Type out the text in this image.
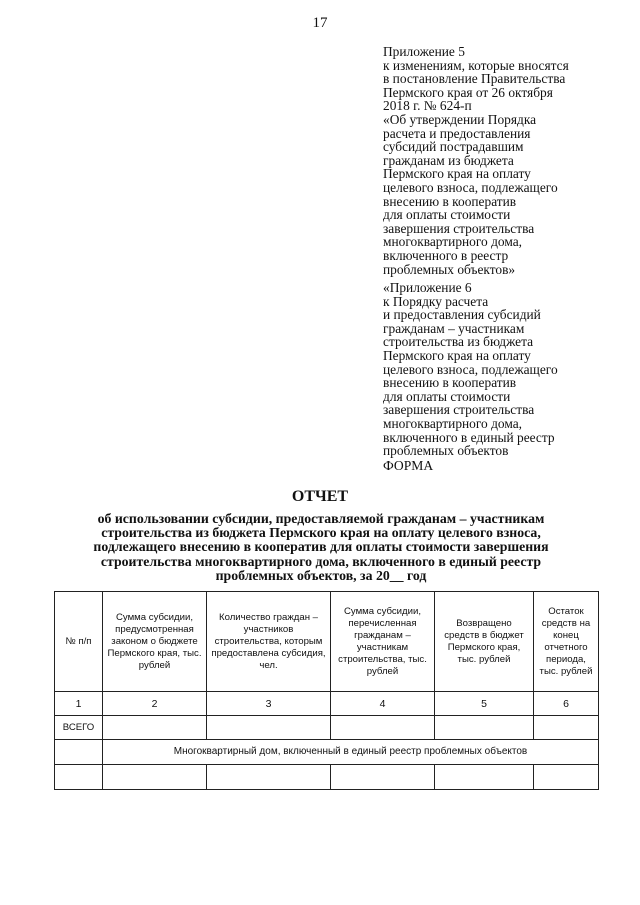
17
Приложение 5
к изменениям, которые вносятся
в постановление Правительства
Пермского края от 26 октября
2018 г. № 624-п
«Об утверждении Порядка
расчета и предоставления
субсидий пострадавшим
гражданам из бюджета
Пермского края на оплату
целевого взноса, подлежащего
внесению в кооператив
для оплаты стоимости
завершения строительства
многоквартирного дома,
включенного в реестр
проблемных объектов»
«Приложение 6
к Порядку расчета
и предоставления субсидий
гражданам – участникам
строительства из бюджета
Пермского края на оплату
целевого взноса, подлежащего
внесению в кооператив
для оплаты стоимости
завершения строительства
многоквартирного дома,
включенного в единый реестр
проблемных объектов
ФОРМА
ОТЧЕТ
об использовании субсидии, предоставляемой гражданам – участникам
строительства из бюджета Пермского края на оплату целевого взноса,
подлежащего внесению в кооператив для оплаты стоимости завершения
строительства многоквартирного дома, включенного в единый реестр
проблемных объектов, за 20__ год
№ п/п	Сумма субсидии, предусмотренная законом о бюджете Пермского края, тыс. рублей	Количество граждан – участников строительства, которым предоставлена субсидия, чел.	Сумма субсидии, перечисленная гражданам – участникам строительства, тыс. рублей	Возвращено средств в бюджет Пермского края, тыс. рублей	Остаток средств на конец отчетного периода, тыс. рублей
1	2	3	4	5	6
ВСЕГО					
	Многоквартирный дом, включенный в единый реестр проблемных объектов				
